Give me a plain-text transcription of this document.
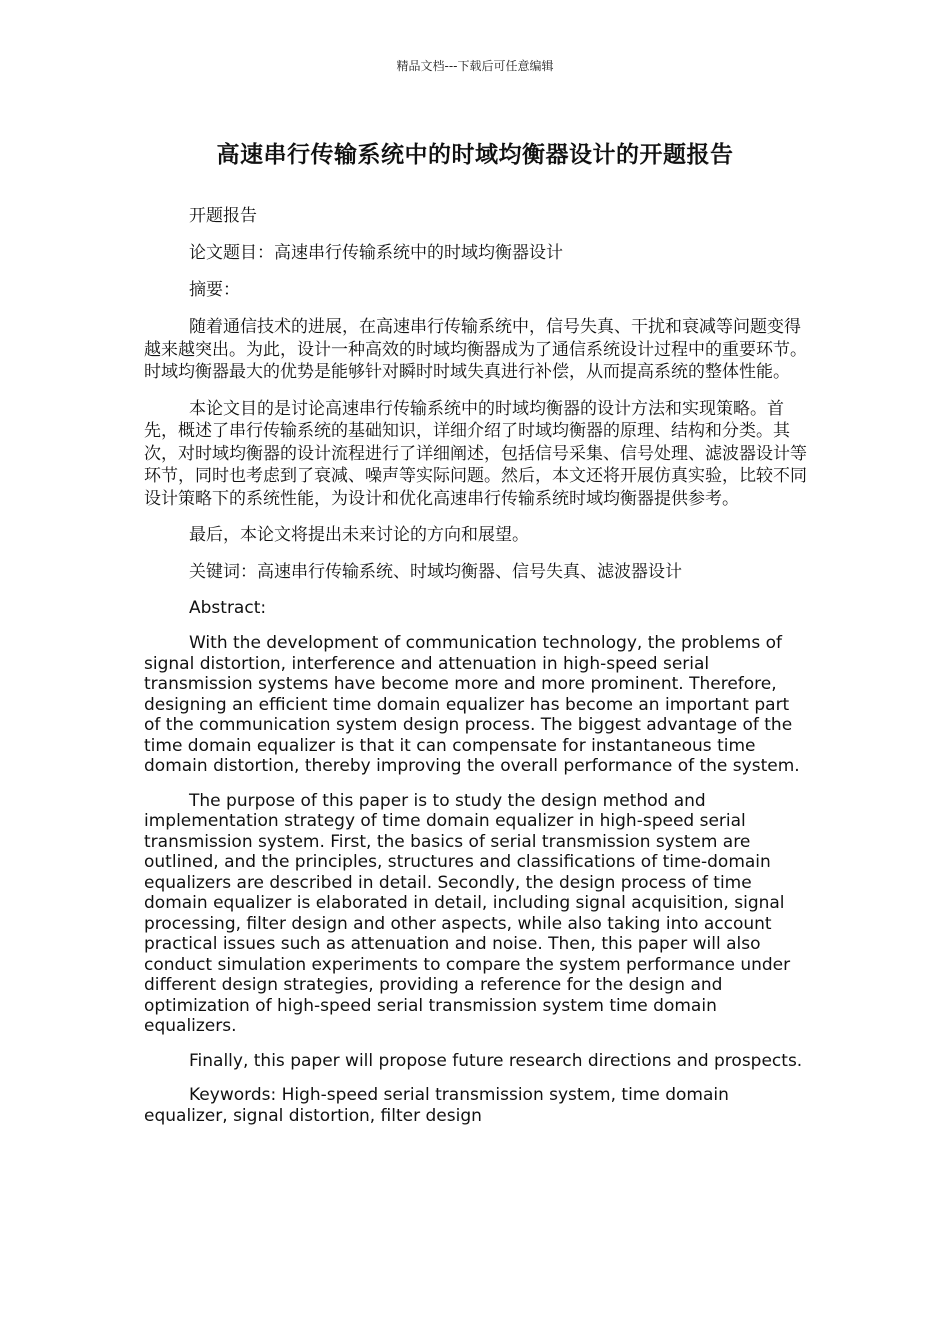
精品文档---下载后可任意编辑
高速串行传输系统中的时域均衡器设计的开题报告

开题报告

论文题目：高速串行传输系统中的时域均衡器设计

摘要：

随着通信技术的进展，在高速串行传输系统中，信号失真、干扰和衰减等问题变得越来越突出。为此，设计一种高效的时域均衡器成为了通信系统设计过程中的重要环节。时域均衡器最大的优势是能够针对瞬时时域失真进行补偿，从而提高系统的整体性能。

本论文目的是讨论高速串行传输系统中的时域均衡器的设计方法和实现策略。首先，概述了串行传输系统的基础知识，详细介绍了时域均衡器的原理、结构和分类。其次，对时域均衡器的设计流程进行了详细阐述，包括信号采集、信号处理、滤波器设计等环节，同时也考虑到了衰减、噪声等实际问题。然后，本文还将开展仿真实验，比较不同设计策略下的系统性能，为设计和优化高速串行传输系统时域均衡器提供参考。

最后，本论文将提出未来讨论的方向和展望。

关键词：高速串行传输系统、时域均衡器、信号失真、滤波器设计

Abstract:

With the development of communication technology, the problems of signal distortion, interference and attenuation in high-speed serial transmission systems have become more and more prominent. Therefore, designing an efficient time domain equalizer has become an important part of the communication system design process. The biggest advantage of the time domain equalizer is that it can compensate for instantaneous time domain distortion, thereby improving the overall performance of the system.

The purpose of this paper is to study the design method and implementation strategy of time domain equalizer in high-speed serial transmission system. First, the basics of serial transmission system are outlined, and the principles, structures and classifications of time-domain equalizers are described in detail. Secondly, the design process of time domain equalizer is elaborated in detail, including signal acquisition, signal processing, filter design and other aspects, while also taking into account practical issues such as attenuation and noise. Then, this paper will also conduct simulation experiments to compare the system performance under different design strategies, providing a reference for the design and optimization of high-speed serial transmission system time domain equalizers.

Finally, this paper will propose future research directions and prospects.

Keywords: High-speed serial transmission system, time domain equalizer, signal distortion, filter design
